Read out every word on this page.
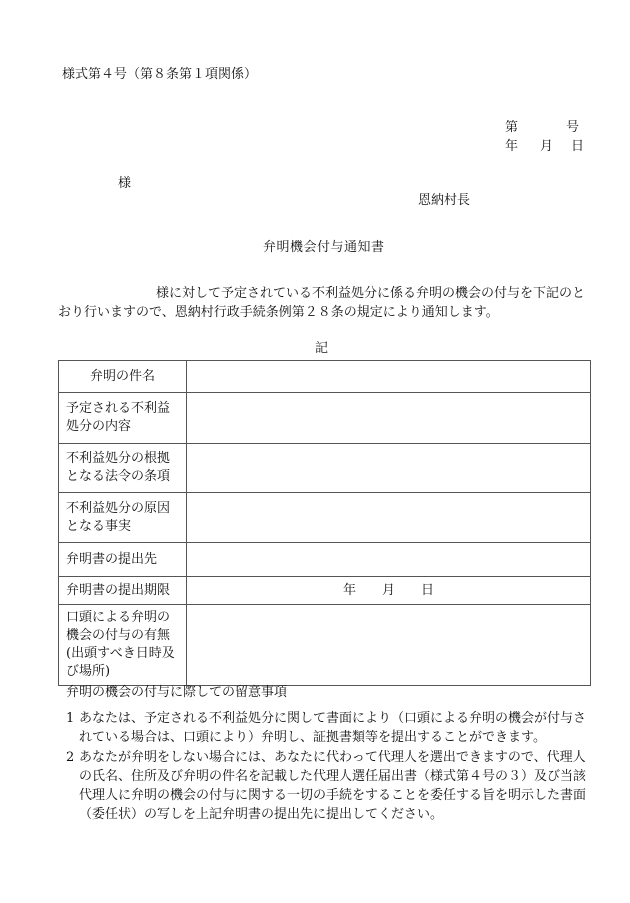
様式第４号（第８条第１項関係）
第	号
年 月 日
様
恩納村長
弁明機会付与通知書
様に対して予定されている不利益処分に係る弁明の機会の付与を下記のとおり行いますので、恩納村行政手続条例第２８条の規定により通知します。
記
弁明の件名	
予定される不利益処分の内容	
不利益処分の根拠となる法令の条項	
不利益処分の原因となる事実	
弁明書の提出先	
弁明書の提出期限	年 月 日
口頭による弁明の機会の付与の有無(出頭すべき日時及び場所)	
弁明の機会の付与に際しての留意事項
1 あなたは、予定される不利益処分に関して書面により（口頭による弁明の機会が付与されている場合は、口頭により）弁明し、証拠書類等を提出することができます。
2 あなたが弁明をしない場合には、あなたに代わって代理人を選出できますので、代理人の氏名、住所及び弁明の件名を記載した代理人選任届出書（様式第４号の３）及び当該代理人に弁明の機会の付与に関する一切の手続をすることを委任する旨を明示した書面（委任状）の写しを上記弁明書の提出先に提出してください。
